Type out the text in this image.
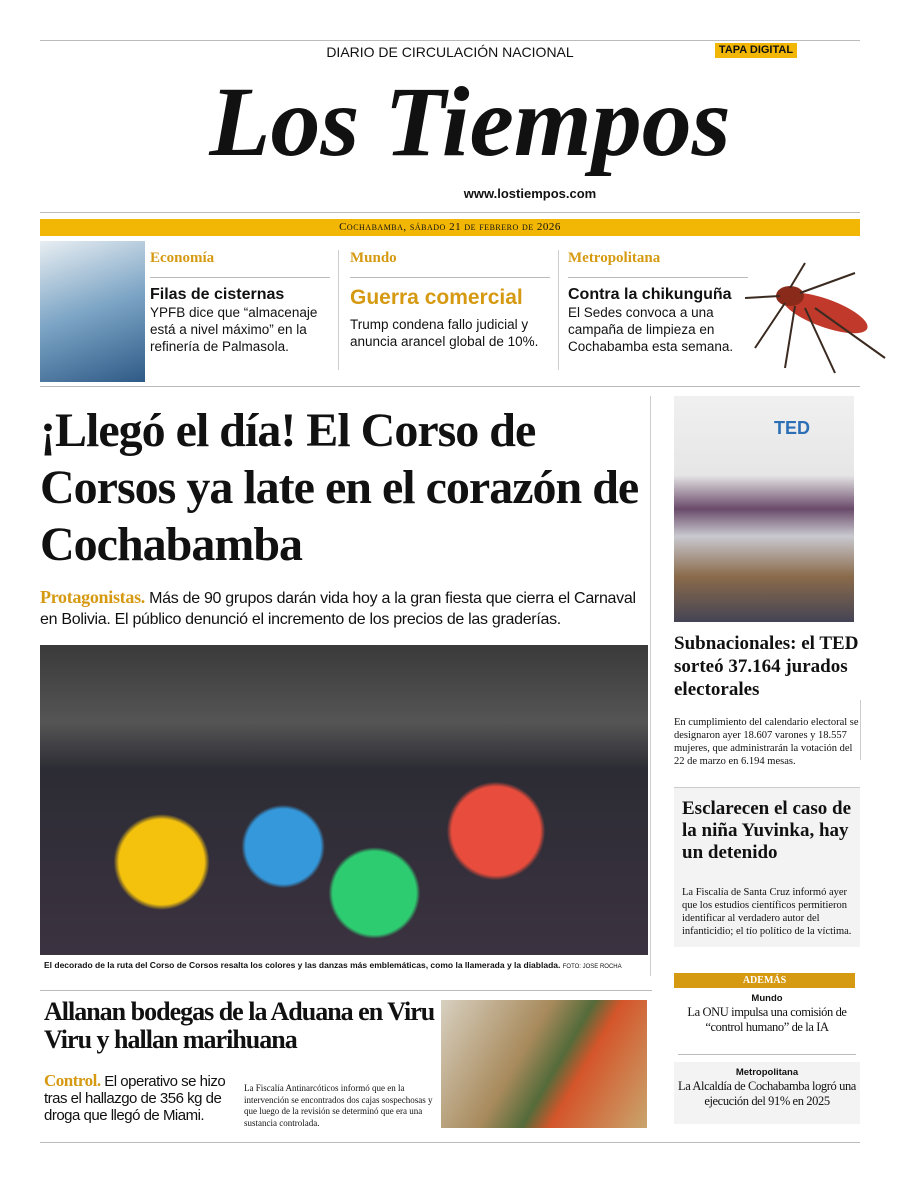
DIARIO DE CIRCULACIÓN NACIONAL	TAPA DIGITAL
Los Tiempos
www.lostiempos.com
Cochabamba, sábado 21 de febrero de 2026
Economía
Filas de cisternas
YPFB dice que “almacenaje está a nivel máximo” en la refinería de Palmasola.
Mundo
Guerra comercial
Trump condena fallo judicial y anuncia arancel global de 10%.
Metropolitana
Contra la chikunguña
El Sedes convoca a una campaña de limpieza en Cochabamba esta semana.
¡Llegó el día! El Corso de Corsos ya late en el corazón de Cochabamba
Protagonistas. Más de 90 grupos darán vida hoy a la gran fiesta que cierra el Carnaval en Bolivia. El público denunció el incremento de los precios de las graderías.
El decorado de la ruta del Corso de Corsos resalta los colores y las danzas más emblemáticas, como la llamerada y la diablada. FOTO: JOSE ROCHA
TED
Subnacionales: el TED sorteó 37.164 jurados electorales
En cumplimiento del calendario electoral se designaron ayer 18.607 varones y 18.557 mujeres, que administrarán la votación del 22 de marzo en 6.194 mesas.
Esclarecen el caso de la niña Yuvinka, hay un detenido
La Fiscalía de Santa Cruz informó ayer que los estudios científicos permitieron identificar al verdadero autor del infanticidio; el tío político de la víctima.
Allanan bodegas de la Aduana en Viru Viru y hallan marihuana
Control. El operativo se hizo tras el hallazgo de 356 kg de droga que llegó de Miami.
La Fiscalía Antinarcóticos informó que en la intervención se encontrados dos cajas sospechosas y que luego de la revisión se determinó que era una sustancia controlada.
ADEMÁS
Mundo
La ONU impulsa una comisión de “control humano” de la IA
Metropolitana
La Alcaldía de Cochabamba logró una ejecución del 91% en 2025
